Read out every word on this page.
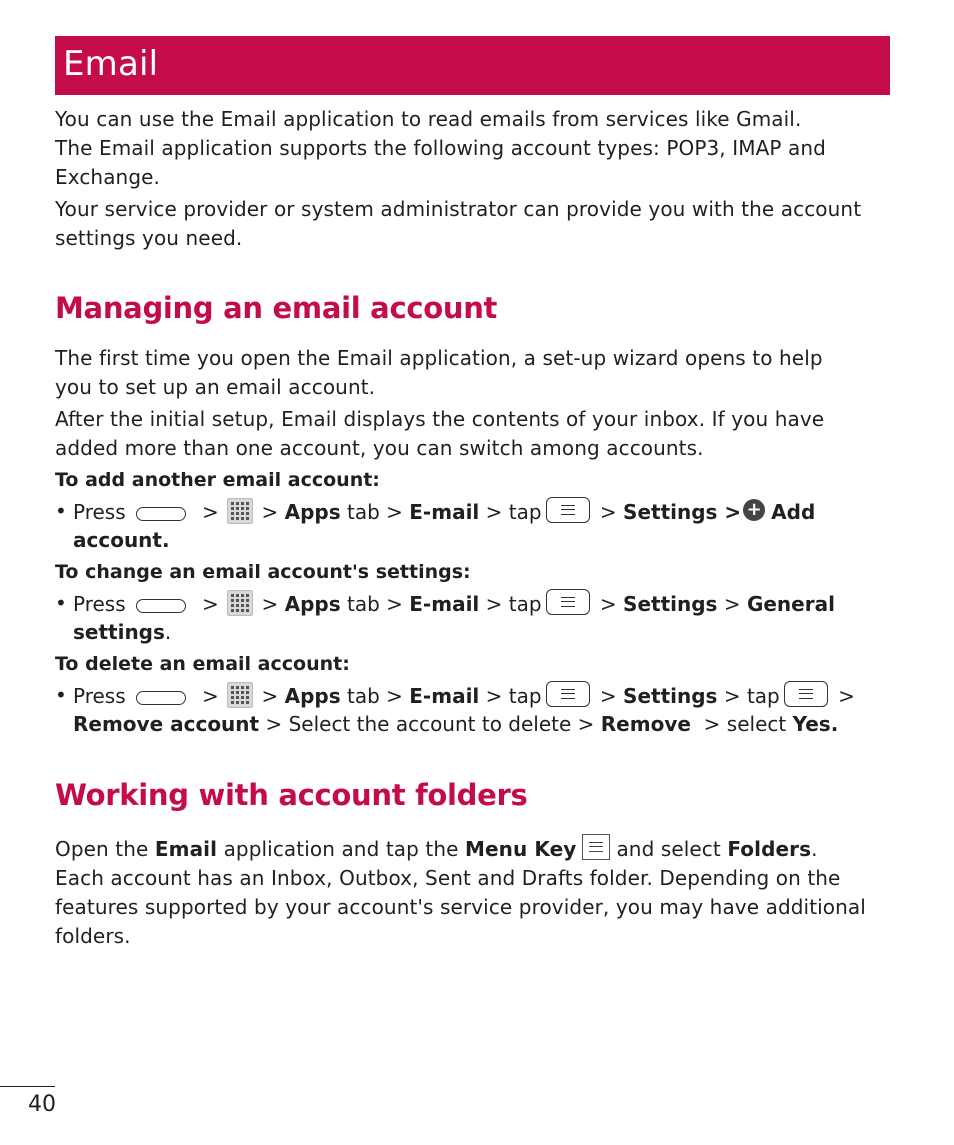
Email
You can use the Email application to read emails from services like Gmail.
The Email application supports the following account types: POP3, IMAP and
Exchange.
Your service provider or system administrator can provide you with the account
settings you need.
Managing an email account
The first time you open the Email application, a set-up wizard opens to help
you to set up an email account.
After the initial setup, Email displays the contents of your inbox. If you have
added more than one account, you can switch among accounts.
To add another email account:
• Press	> > Apps tab > E-mail > tap	> Settings > + Add
account.
To change an email account's settings:
• Press	> > Apps tab > E-mail > tap	> Settings > General
settings.
To delete an email account:
• Press	> > Apps tab > E-mail > tap	> Settings > tap	>
Remove account > Select the account to delete > Remove > select Yes.
Working with account folders
Open the Email application and tap the Menu Key and select Folders.
Each account has an Inbox, Outbox, Sent and Drafts folder. Depending on the
features supported by your account's service provider, you may have additional
folders.
40
